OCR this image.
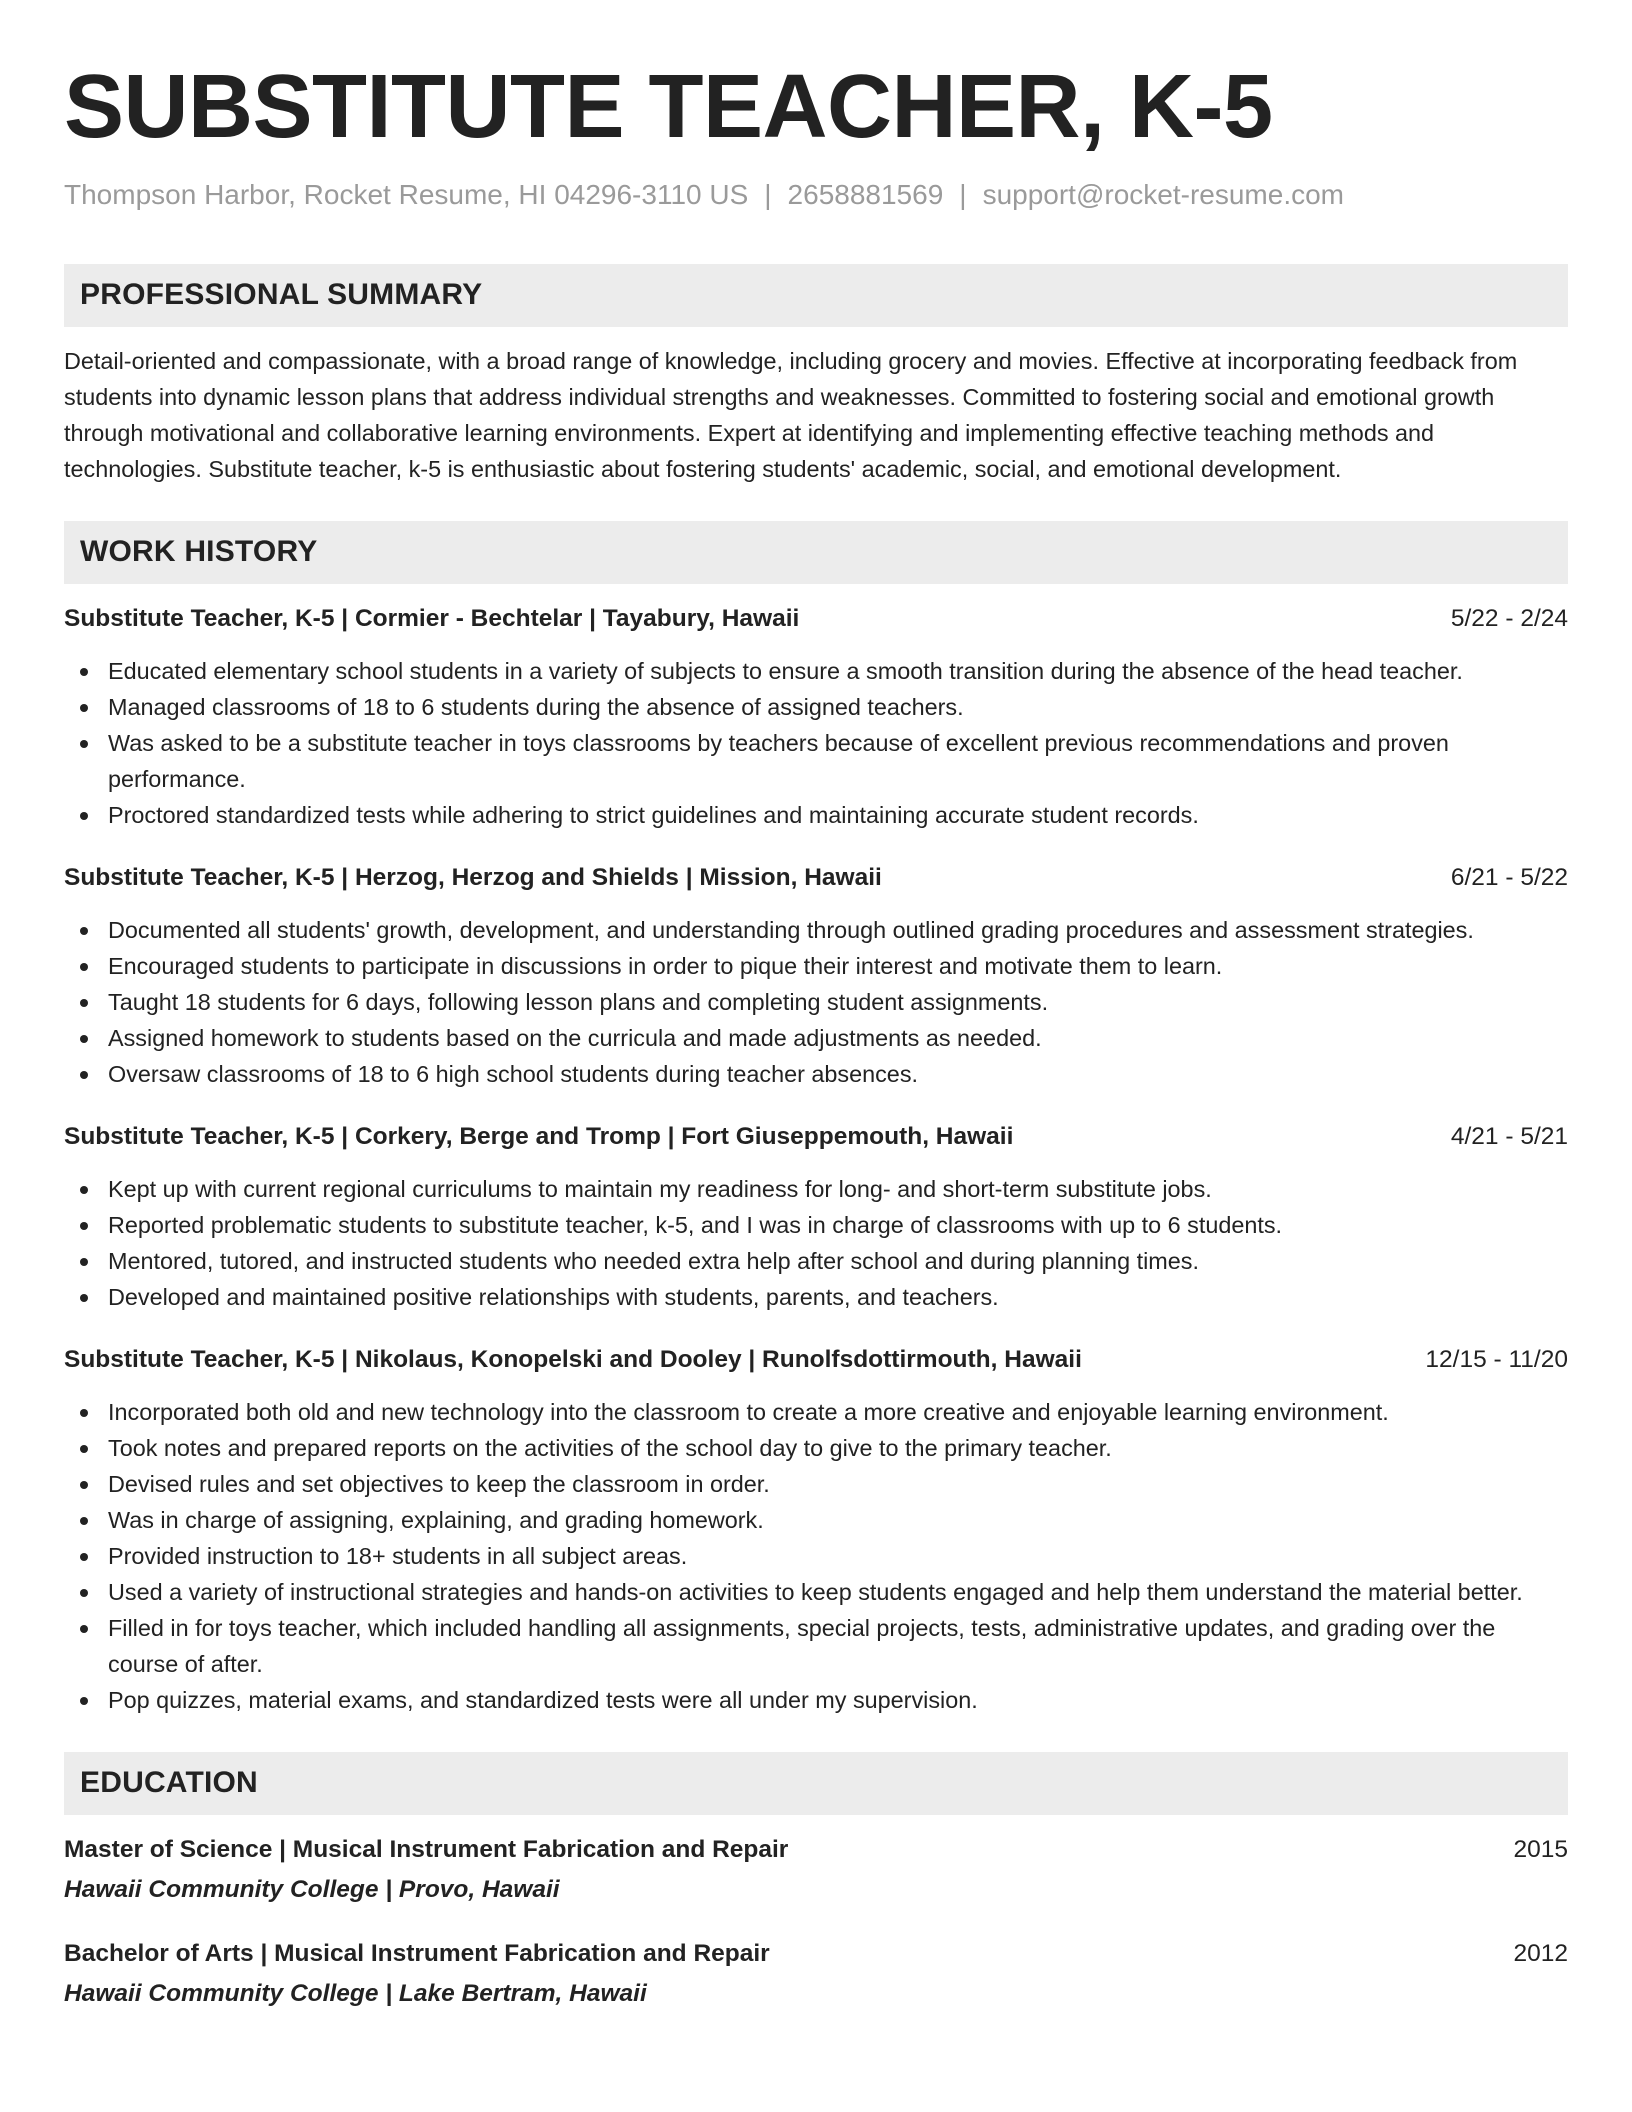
SUBSTITUTE TEACHER, K-5
Thompson Harbor, Rocket Resume, HI 04296-3110 US | 2658881569 | support@rocket-resume.com
PROFESSIONAL SUMMARY

Detail-oriented and compassionate, with a broad range of knowledge, including grocery and movies. Effective at incorporating feedback from students into dynamic lesson plans that address individual strengths and weaknesses. Committed to fostering social and emotional growth through motivational and collaborative learning environments. Expert at identifying and implementing effective teaching methods and technologies. Substitute teacher, k-5 is enthusiastic about fostering students' academic, social, and emotional development.

WORK HISTORY
Substitute Teacher, K-5 | Cormier - Bechtelar | Tayabury, Hawaii	5/22 - 2/24
Educated elementary school students in a variety of subjects to ensure a smooth transition during the absence of the head teacher.
Managed classrooms of 18 to 6 students during the absence of assigned teachers.
Was asked to be a substitute teacher in toys classrooms by teachers because of excellent previous recommendations and proven performance.
Proctored standardized tests while adhering to strict guidelines and maintaining accurate student records.
Substitute Teacher, K-5 | Herzog, Herzog and Shields | Mission, Hawaii	6/21 - 5/22
Documented all students' growth, development, and understanding through outlined grading procedures and assessment strategies.
Encouraged students to participate in discussions in order to pique their interest and motivate them to learn.
Taught 18 students for 6 days, following lesson plans and completing student assignments.
Assigned homework to students based on the curricula and made adjustments as needed.
Oversaw classrooms of 18 to 6 high school students during teacher absences.
Substitute Teacher, K-5 | Corkery, Berge and Tromp | Fort Giuseppemouth, Hawaii	4/21 - 5/21
Kept up with current regional curriculums to maintain my readiness for long- and short-term substitute jobs.
Reported problematic students to substitute teacher, k-5, and I was in charge of classrooms with up to 6 students.
Mentored, tutored, and instructed students who needed extra help after school and during planning times.
Developed and maintained positive relationships with students, parents, and teachers.
Substitute Teacher, K-5 | Nikolaus, Konopelski and Dooley | Runolfsdottirmouth, Hawaii	12/15 - 11/20
Incorporated both old and new technology into the classroom to create a more creative and enjoyable learning environment.
Took notes and prepared reports on the activities of the school day to give to the primary teacher.
Devised rules and set objectives to keep the classroom in order.
Was in charge of assigning, explaining, and grading homework.
Provided instruction to 18+ students in all subject areas.
Used a variety of instructional strategies and hands-on activities to keep students engaged and help them understand the material better.
Filled in for toys teacher, which included handling all assignments, special projects, tests, administrative updates, and grading over the course of after.
Pop quizzes, material exams, and standardized tests were all under my supervision.
EDUCATION
Master of Science | Musical Instrument Fabrication and Repair	2015
Hawaii Community College | Provo, Hawaii
Bachelor of Arts | Musical Instrument Fabrication and Repair	2012
Hawaii Community College | Lake Bertram, Hawaii
